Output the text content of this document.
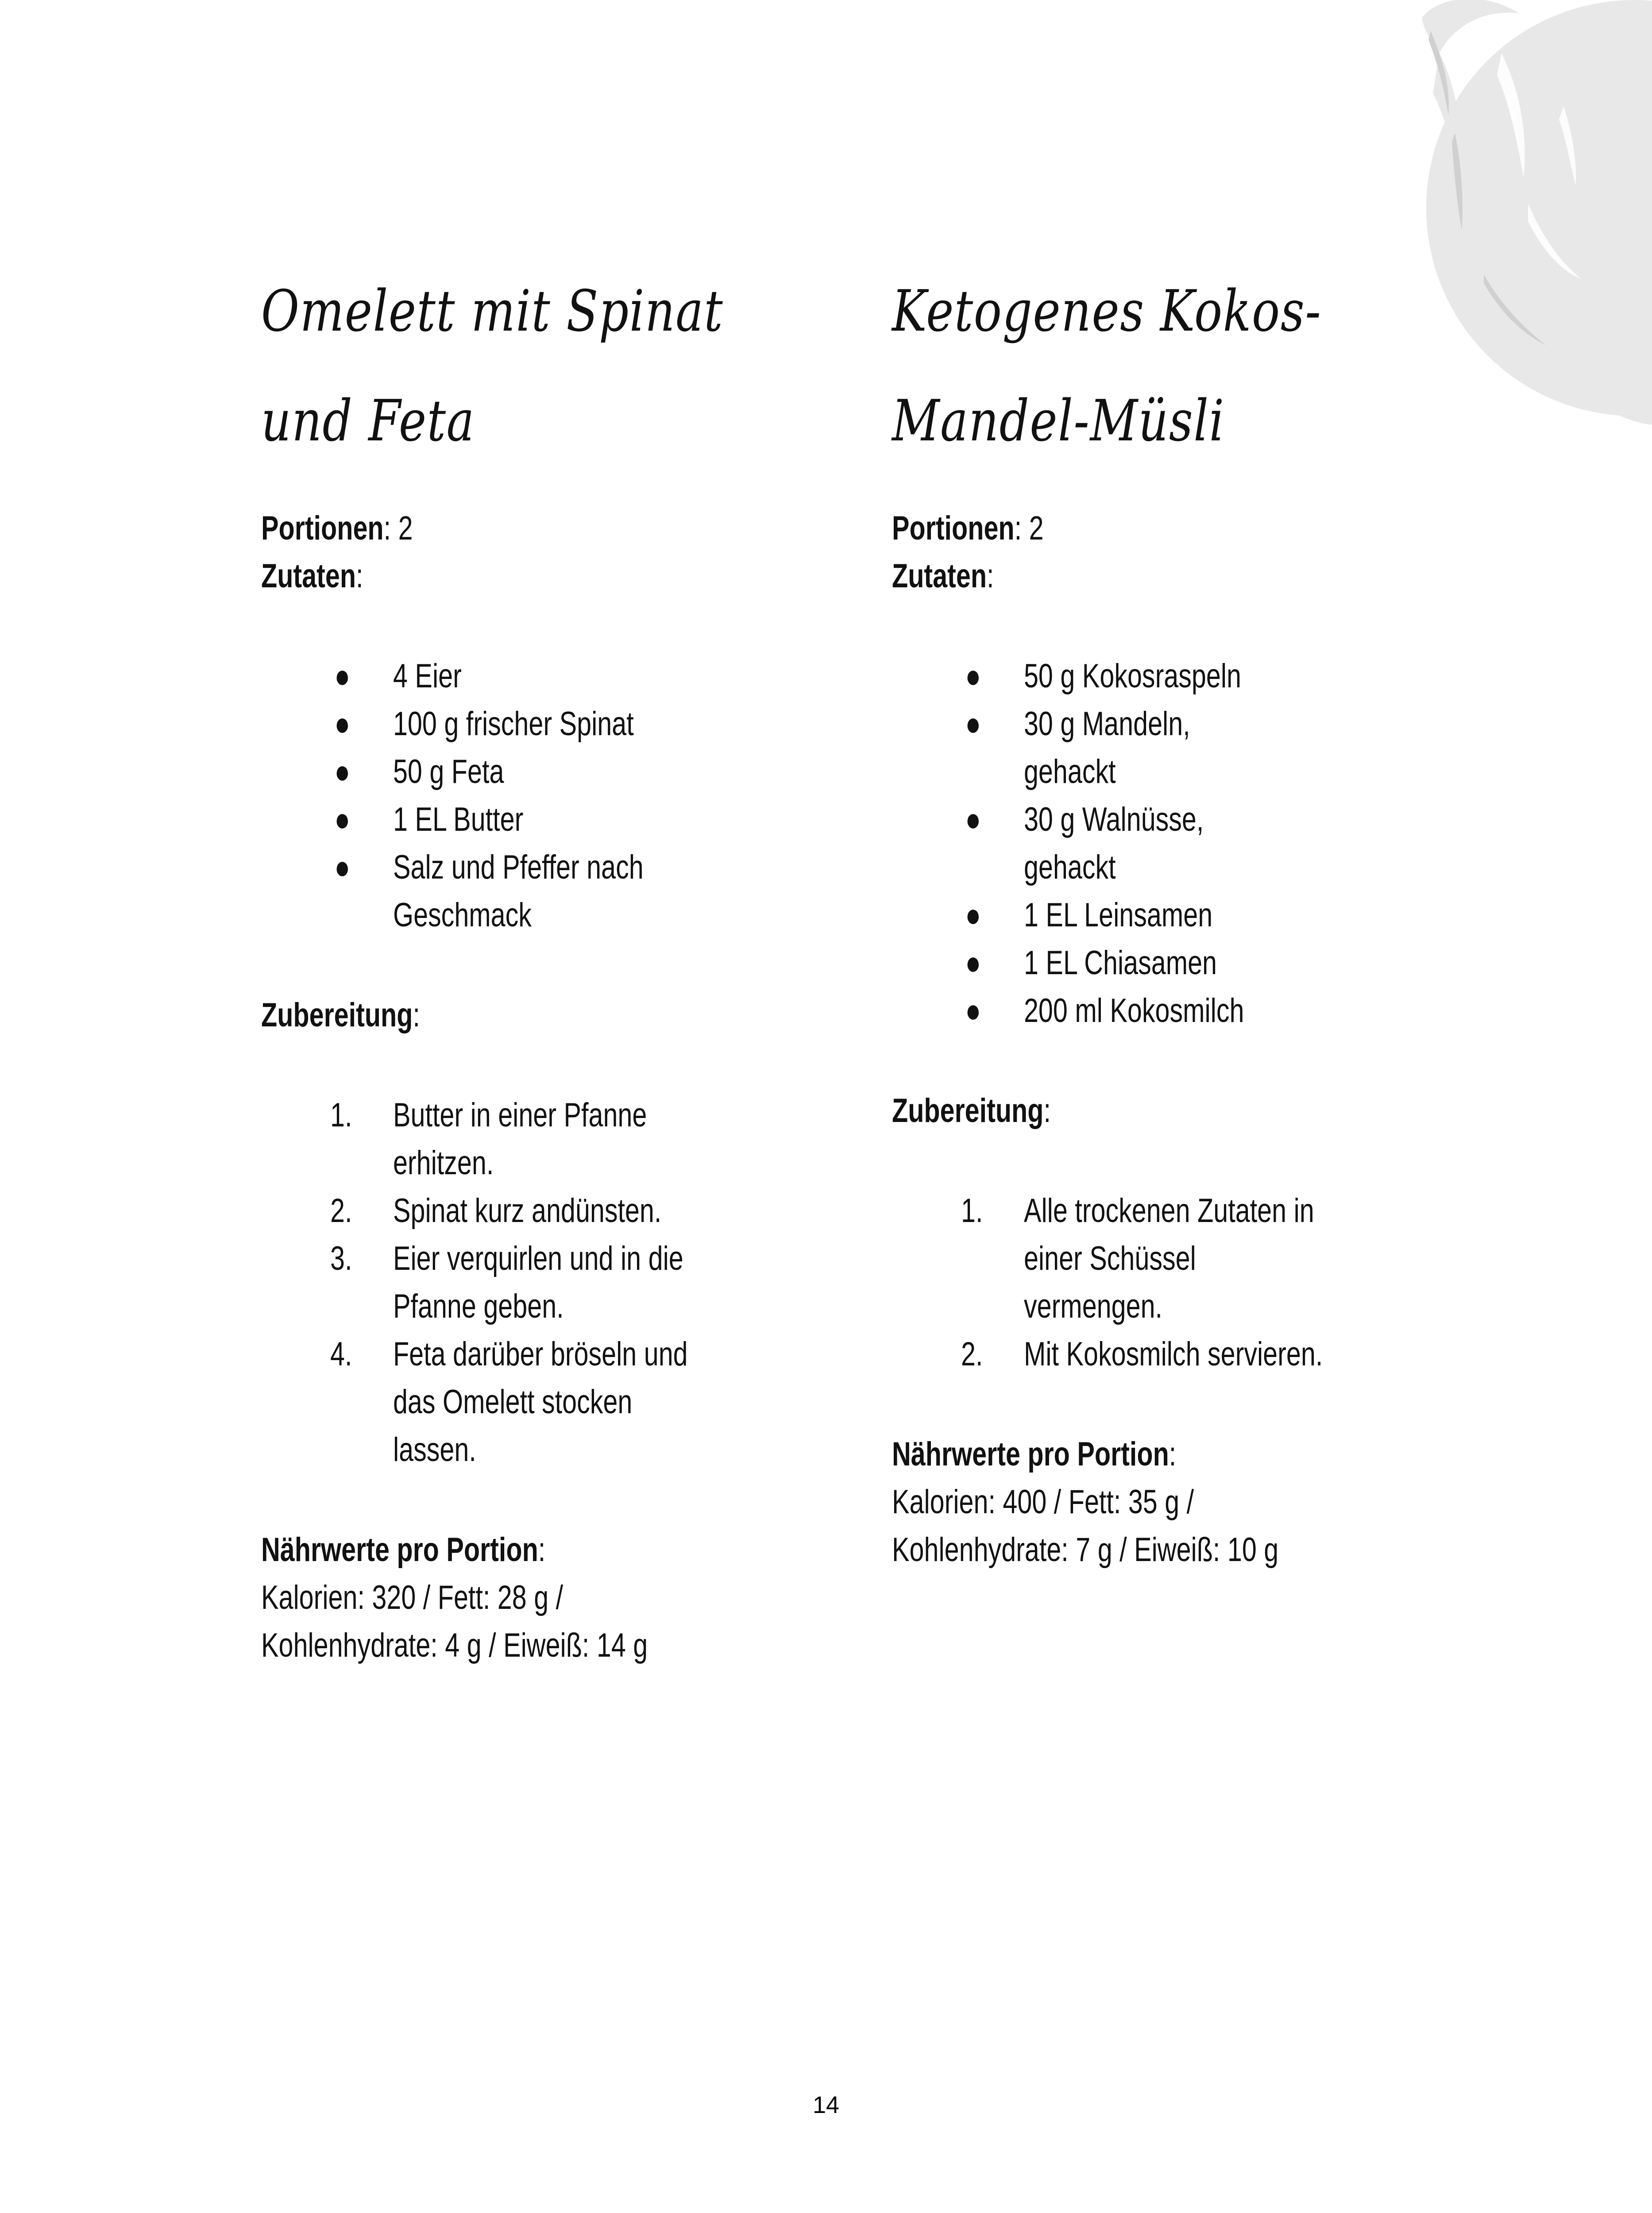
Omelett mit Spinat
und Feta

Portionen: 2

Zutaten:

● 4 Eier
● 100 g frischer Spinat
● 50 g Feta
● 1 EL Butter
● Salz und Pfeffer nach Geschmack

Zubereitung:

1. Butter in einer Pfanne erhitzen.
2. Spinat kurz andünsten.
3. Eier verquirlen und in die Pfanne geben.
4. Feta darüber bröseln und das Omelett stocken lassen.

Nährwerte pro Portion:

Kalorien: 320 / Fett: 28 g /

Kohlenhydrate: 4 g / Eiweiß: 14 g

Ketogenes Kokos-
Mandel-Müsli

Portionen: 2

Zutaten:

● 50 g Kokosraspeln
● 30 g Mandeln, gehackt
● 30 g Walnüsse, gehackt
● 1 EL Leinsamen
● 1 EL Chiasamen
● 200 ml Kokosmilch

Zubereitung:

1. Alle trockenen Zutaten in einer Schüssel vermengen.
2. Mit Kokosmilch servieren.

Nährwerte pro Portion:

Kalorien: 400 / Fett: 35 g /

Kohlenhydrate: 7 g / Eiweiß: 10 g

14
